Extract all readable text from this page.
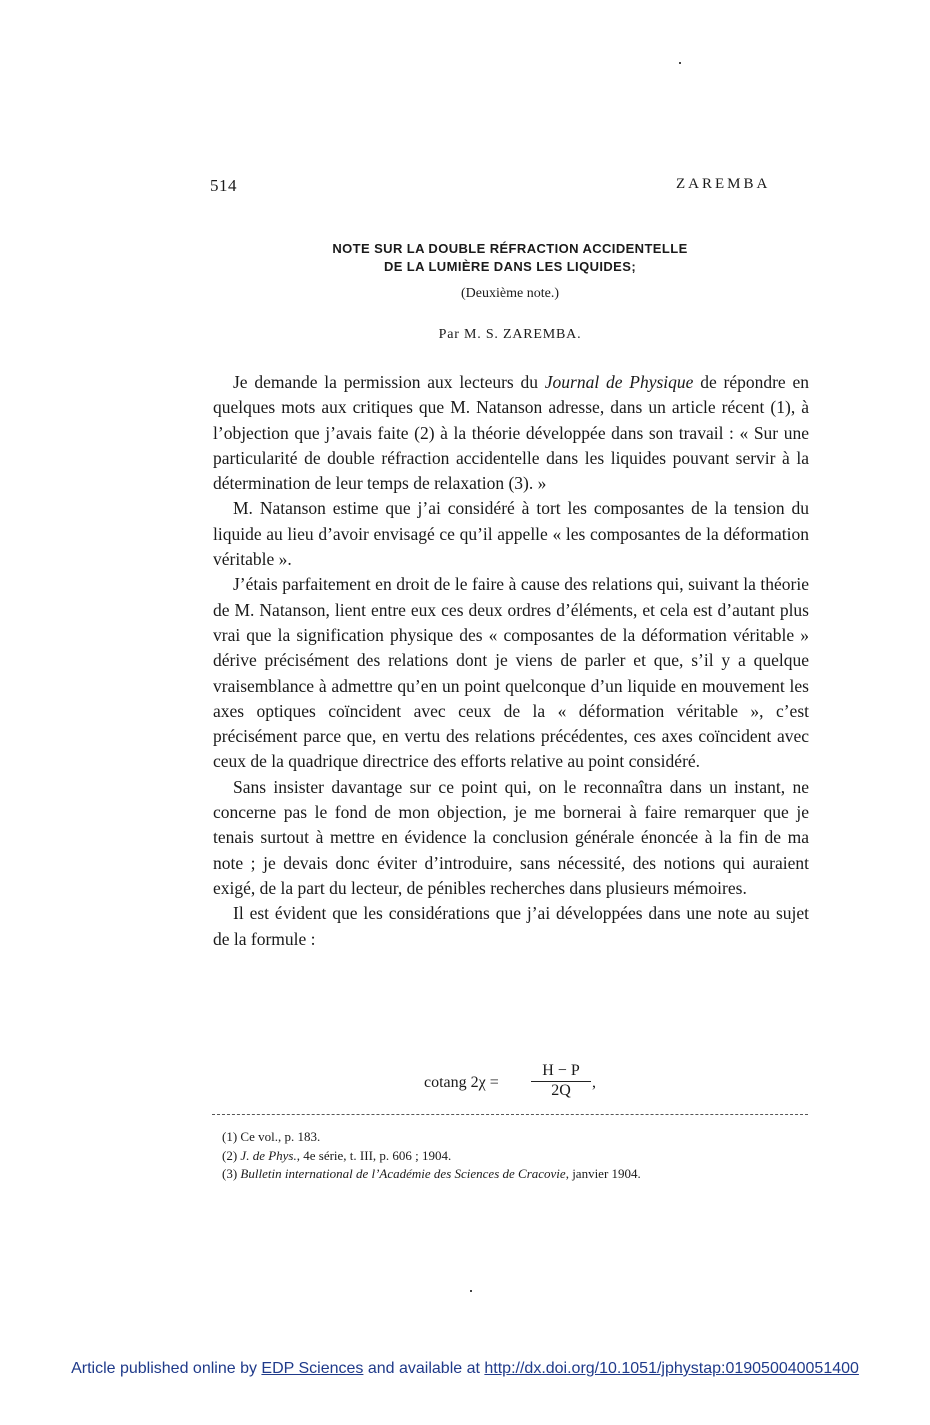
514	ZAREMBA
NOTE SUR LA DOUBLE RÉFRACTION ACCIDENTELLE
DE LA LUMIÈRE DANS LES LIQUIDES;
(Deuxième note.)
Par M. S. ZAREMBA.

Je demande la permission aux lecteurs du Journal de Physique de répondre en quelques mots aux critiques que M. Natanson adresse, dans un article récent (1), à l’objection que j’avais faite (2) à la théorie développée dans son travail : « Sur une particularité de double réfraction accidentelle dans les liquides pouvant servir à la détermination de leur temps de relaxation (3). »

M. Natanson estime que j’ai considéré à tort les composantes de la tension du liquide au lieu d’avoir envisagé ce qu’il appelle « les composantes de la déformation véritable ».

J’étais parfaitement en droit de le faire à cause des relations qui, suivant la théorie de M. Natanson, lient entre eux ces deux ordres d’éléments, et cela est d’autant plus vrai que la signification physique des « composantes de la déformation véritable » dérive précisément des relations dont je viens de parler et que, s’il y a quelque vraisemblance à admettre qu’en un point quelconque d’un liquide en mouvement les axes optiques coïncident avec ceux de la « déformation véritable », c’est précisément parce que, en vertu des relations précédentes, ces axes coïncident avec ceux de la quadrique directrice des efforts relative au point considéré.

Sans insister davantage sur ce point qui, on le reconnaîtra dans un instant, ne concerne pas le fond de mon objection, je me bornerai à faire remarquer que je tenais surtout à mettre en évidence la conclusion générale énoncée à la fin de ma note ; je devais donc éviter d’introduire, sans nécessité, des notions qui auraient exigé, de la part du lecteur, de pénibles recherches dans plusieurs mémoires.

Il est évident que les considérations que j’ai développées dans une note au sujet de la formule :

cotang $2\chi = \frac{H - P}{2Q}$ ,
(1) Ce vol., p. 183.
(2) J. de Phys., 4e série, t. III, p. 606 ; 1904.
(3) Bulletin international de l’Académie des Sciences de Cracovie, janvier 1904.
Article published online by EDP Sciences and available at http://dx.doi.org/10.1051/jphystap:019050040051400
